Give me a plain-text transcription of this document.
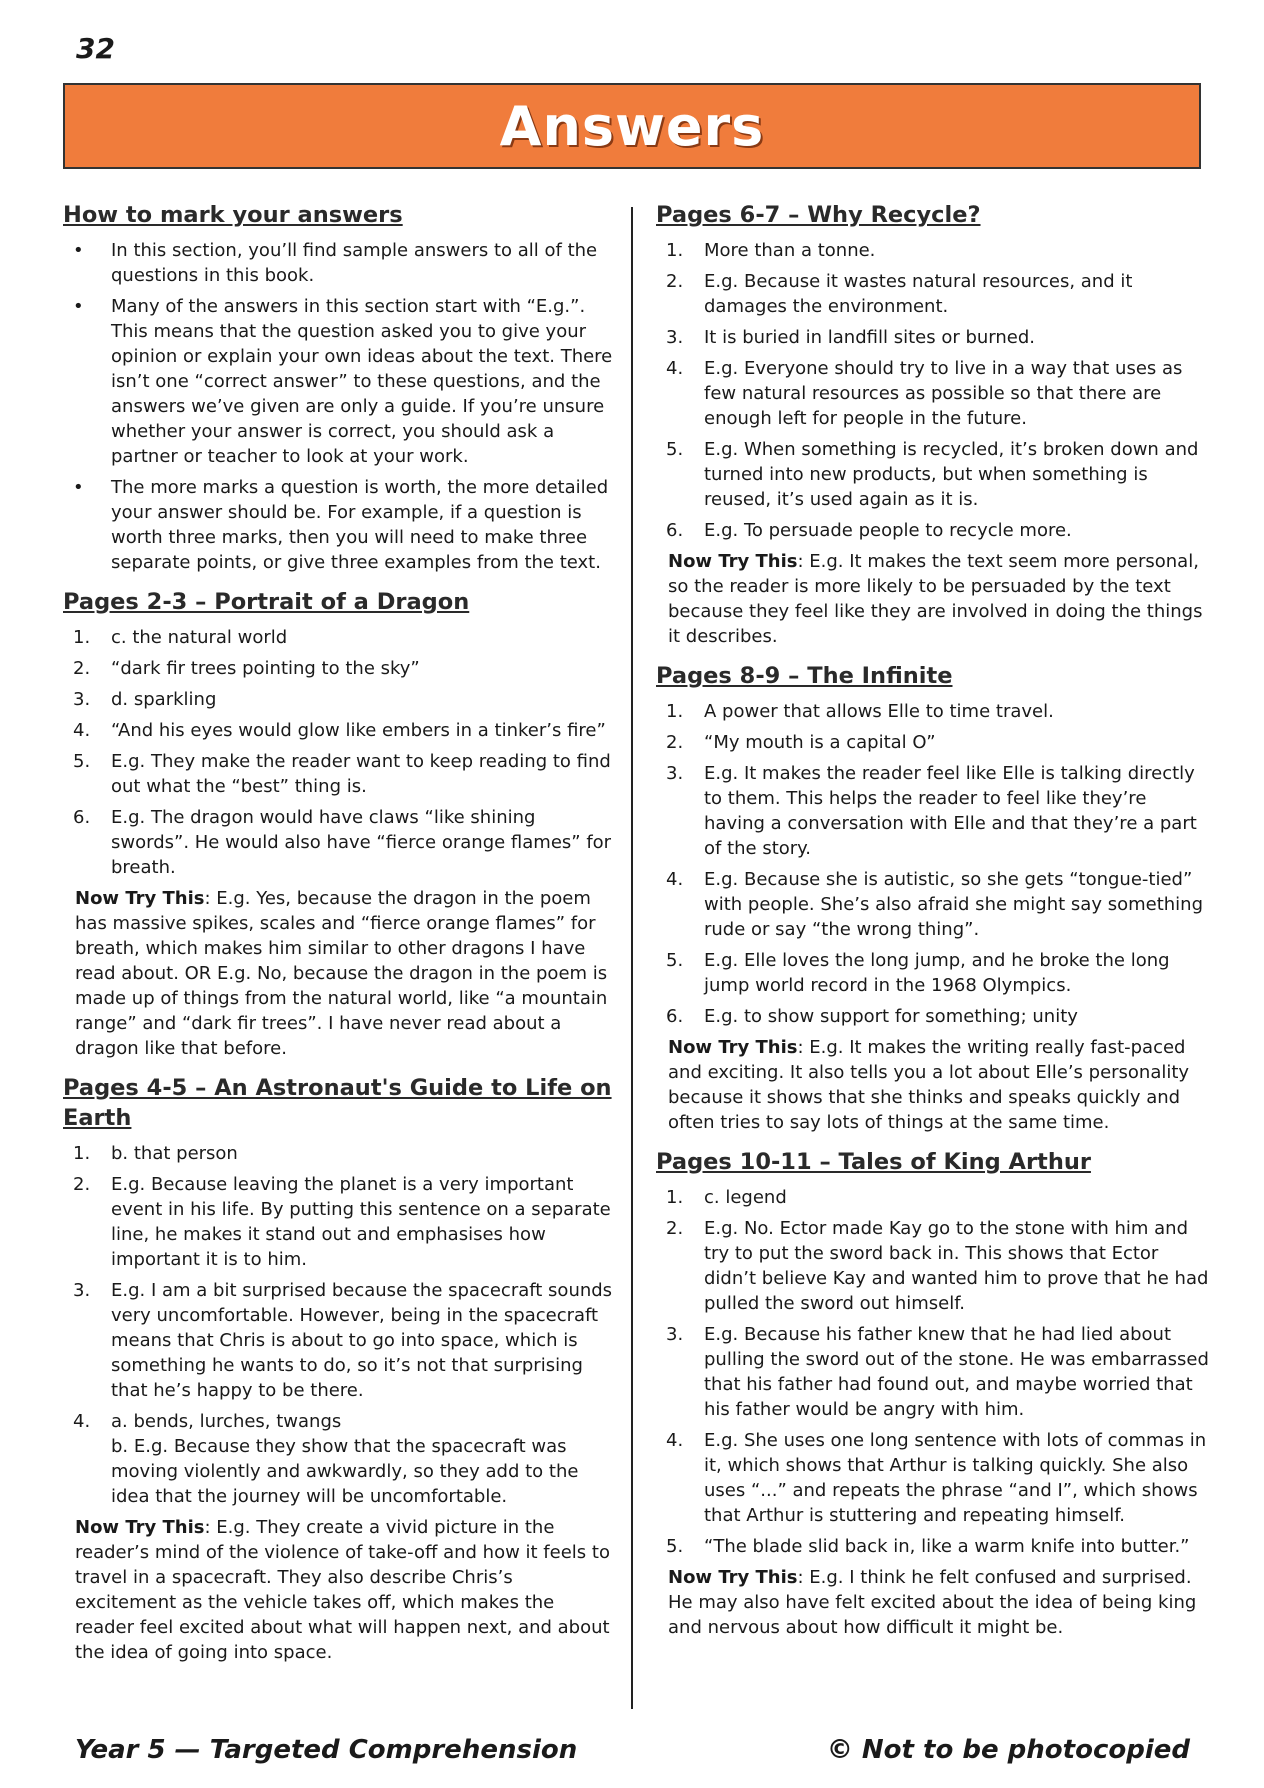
32
Answers
How to mark your answers
• In this section, you’ll find sample answers to all of the questions in this book.
• Many of the answers in this section start with “E.g.”. This means that the question asked you to give your opinion or explain your own ideas about the text. There isn’t one “correct answer” to these questions, and the answers we’ve given are only a guide. If you’re unsure whether your answer is correct, you should ask a partner or teacher to look at your work.
• The more marks a question is worth, the more detailed your answer should be. For example, if a question is worth three marks, then you will need to make three separate points, or give three examples from the text.
Pages 2-3 – Portrait of a Dragon
1.	c. the natural world
2.	“dark fir trees pointing to the sky”
3.	d. sparkling
4.	“And his eyes would glow like embers in a tinker’s fire”
5.	E.g. They make the reader want to keep reading to find out what the “best” thing is.
6.	E.g. The dragon would have claws “like shining swords”. He would also have “fierce orange flames” for breath.
Now Try This: E.g. Yes, because the dragon in the poem has massive spikes, scales and “fierce orange flames” for breath, which makes him similar to other dragons I have read about. OR E.g. No, because the dragon in the poem is made up of things from the natural world, like “a mountain range” and “dark fir trees”. I have never read about a dragon like that before.
Pages 4-5 – An Astronaut's Guide to Life on Earth
1.	b. that person
2.	E.g. Because leaving the planet is a very important event in his life. By putting this sentence on a separate line, he makes it stand out and emphasises how important it is to him.
3.	E.g. I am a bit surprised because the spacecraft sounds very uncomfortable. However, being in the spacecraft means that Chris is about to go into space, which is something he wants to do, so it’s not that surprising that he’s happy to be there.
4.	a. bends, lurches, twangs
b. E.g. Because they show that the spacecraft was moving violently and awkwardly, so they add to the idea that the journey will be uncomfortable.
Now Try This: E.g. They create a vivid picture in the reader’s mind of the violence of take-off and how it feels to travel in a spacecraft. They also describe Chris’s excitement as the vehicle takes off, which makes the reader feel excited about what will happen next, and about the idea of going into space.
Pages 6-7 – Why Recycle?
1.	More than a tonne.
2.	E.g. Because it wastes natural resources, and it damages the environment.
3.	It is buried in landfill sites or burned.
4.	E.g. Everyone should try to live in a way that uses as few natural resources as possible so that there are enough left for people in the future.
5.	E.g. When something is recycled, it’s broken down and turned into new products, but when something is reused, it’s used again as it is.
6.	E.g. To persuade people to recycle more.
Now Try This: E.g. It makes the text seem more personal, so the reader is more likely to be persuaded by the text because they feel like they are involved in doing the things it describes.
Pages 8-9 – The Infinite
1.	A power that allows Elle to time travel.
2.	“My mouth is a capital O”
3.	E.g. It makes the reader feel like Elle is talking directly to them. This helps the reader to feel like they’re having a conversation with Elle and that they’re a part of the story.
4.	E.g. Because she is autistic, so she gets “tongue-tied” with people. She’s also afraid she might say something rude or say “the wrong thing”.
5.	E.g. Elle loves the long jump, and he broke the long jump world record in the 1968 Olympics.
6.	E.g. to show support for something; unity
Now Try This: E.g. It makes the writing really fast-paced and exciting. It also tells you a lot about Elle’s personality because it shows that she thinks and speaks quickly and often tries to say lots of things at the same time.
Pages 10-11 – Tales of King Arthur
1.	c. legend
2.	E.g. No. Ector made Kay go to the stone with him and try to put the sword back in. This shows that Ector didn’t believe Kay and wanted him to prove that he had pulled the sword out himself.
3.	E.g. Because his father knew that he had lied about pulling the sword out of the stone. He was embarrassed that his father had found out, and maybe worried that his father would be angry with him.
4.	E.g. She uses one long sentence with lots of commas in it, which shows that Arthur is talking quickly. She also uses “...” and repeats the phrase “and I”, which shows that Arthur is stuttering and repeating himself.
5.	“The blade slid back in, like a warm knife into butter.”
Now Try This: E.g. I think he felt confused and surprised. He may also have felt excited about the idea of being king and nervous about how difficult it might be.
Year 5 — Targeted Comprehension	© Not to be photocopied
